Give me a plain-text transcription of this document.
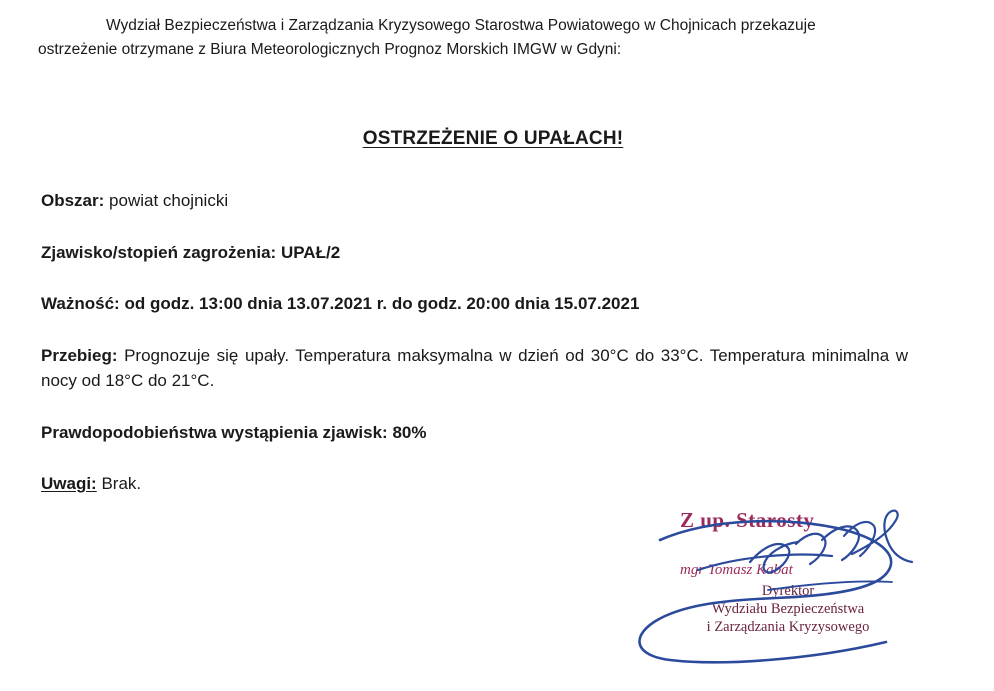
Wydział Bezpieczeństwa i Zarządzania Kryzysowego Starostwa Powiatowego w Chojnicach przekazuje
ostrzeżenie otrzymane z Biura Meteorologicznych Prognoz Morskich IMGW w Gdyni:

OSTRZEŻENIE O UPAŁACH!

Obszar: powiat chojnicki

Zjawisko/stopień zagrożenia: UPAŁ/2

Ważność: od godz. 13:00 dnia 13.07.2021 r. do godz. 20:00 dnia 15.07.2021

Przebieg: Prognozuje się upały. Temperatura maksymalna w dzień od 30°C do 33°C. Temperatura minimalna w nocy od 18°C do 21°C.

Prawdopodobieństwa wystąpienia zjawisk: 80%

Uwagi: Brak.

Z up. Starosty
mgr Tomasz Kabat
Dyrektor
Wydziału Bezpieczeństwa
i Zarządzania Kryzysowego
